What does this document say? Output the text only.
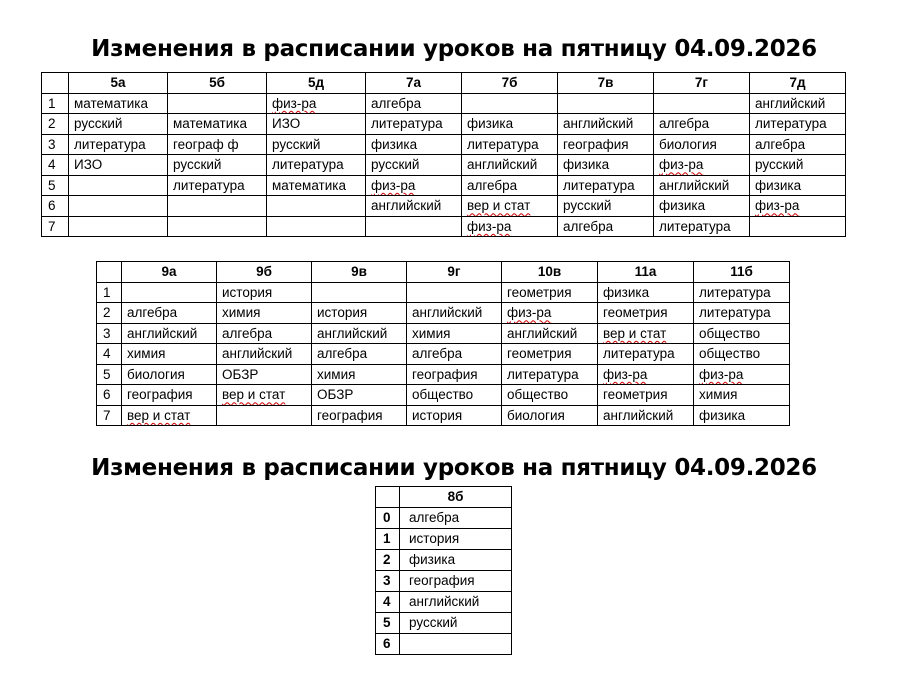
Изменения в расписании уроков на пятницу 04.09.2026
	5а	5б	5д	7а	7б	7в	7г	7д
1	математика		физ-ра	алгебра				английский
2	русский	математика	ИЗО	литература	физика	английский	алгебра	литература
3	литература	географ ф	русский	физика	литература	география	биология	алгебра
4	ИЗО	русский	литература	русский	английский	физика	физ-ра	русский
5		литература	математика	физ-ра	алгебра	литература	английский	физика
6				английский	вер и стат	русский	физика	физ-ра
7					физ-ра	алгебра	литература	
	9а	9б	9в	9г	10в	11а	11б
1		история			геометрия	физика	литература
2	алгебра	химия	история	английский	физ-ра	геометрия	литература
3	английский	алгебра	английский	химия	английский	вер и стат	общество
4	химия	английский	алгебра	алгебра	геометрия	литература	общество
5	биология	ОБЗР	химия	география	литература	физ-ра	физ-ра
6	география	вер и стат	ОБЗР	общество	общество	геометрия	химия
7	вер и стат		география	история	биология	английский	физика
Изменения в расписании уроков на пятницу 04.09.2026
	8б
0	алгебра
1	история
2	физика
3	география
4	английский
5	русский
6	
